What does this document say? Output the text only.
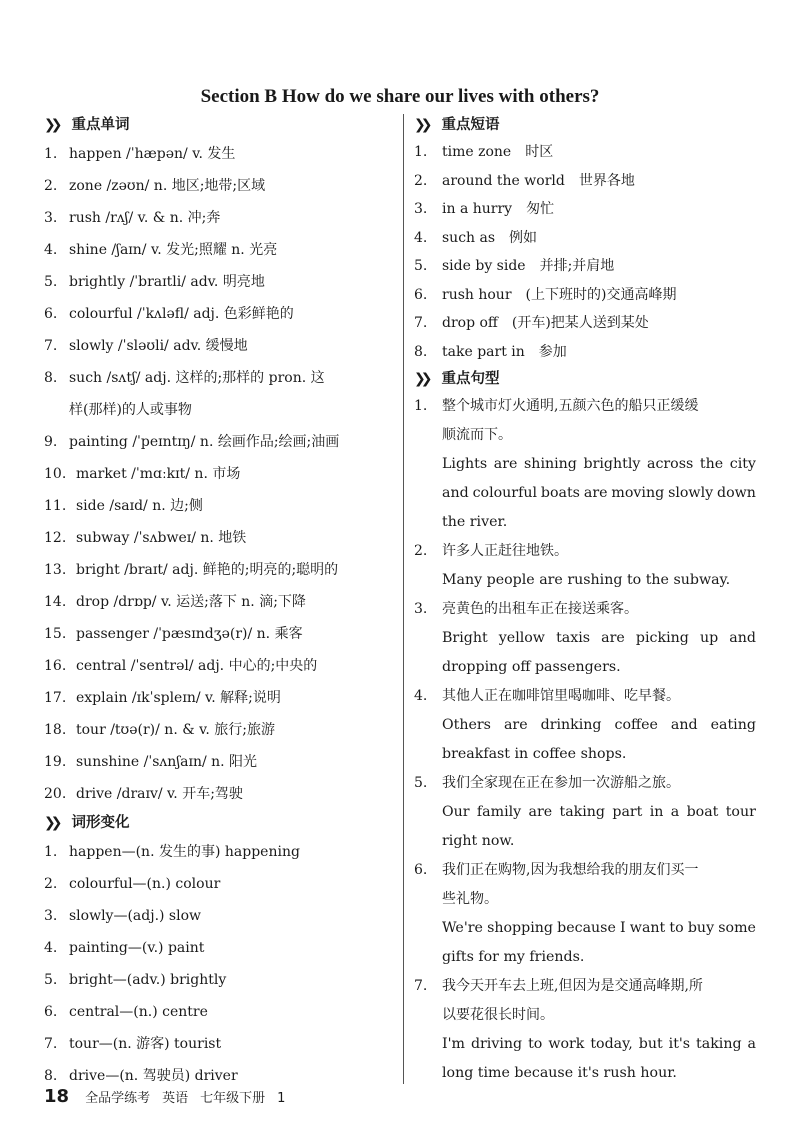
Section B How do we share our lives with others?
❯❯ 重点单词
1. happen /ˈhæpən/ v. 发生
2. zone /zəʊn/ n. 地区;地带;区域
3. rush /rʌʃ/ v. & n. 冲;奔
4. shine /ʃaɪn/ v. 发光;照耀 n. 光亮
5. brightly /ˈbraɪtli/ adv. 明亮地
6. colourful /ˈkʌləfl/ adj. 色彩鲜艳的
7. slowly /ˈsləʊli/ adv. 缓慢地
8. such /sʌtʃ/ adj. 这样的;那样的 pron. 这
样(那样)的人或事物
9. painting /ˈpeɪntɪŋ/ n. 绘画作品;绘画;油画
10. market /ˈmɑːkɪt/ n. 市场
11. side /saɪd/ n. 边;侧
12. subway /ˈsʌbweɪ/ n. 地铁
13. bright /braɪt/ adj. 鲜艳的;明亮的;聪明的
14. drop /drɒp/ v. 运送;落下 n. 滴;下降
15. passenger /ˈpæsɪndʒə(r)/ n. 乘客
16. central /ˈsentrəl/ adj. 中心的;中央的
17. explain /ɪkˈspleɪn/ v. 解释;说明
18. tour /tʊə(r)/ n. & v. 旅行;旅游
19. sunshine /ˈsʌnʃaɪn/ n. 阳光
20. drive /draɪv/ v. 开车;驾驶
❯❯ 词形变化
1. happen—(n. 发生的事) happening
2. colourful—(n.) colour
3. slowly—(adj.) slow
4. painting—(v.) paint
5. bright—(adv.) brightly
6. central—(n.) centre
7. tour—(n. 游客) tourist
8. drive—(n. 驾驶员) driver
❯❯ 重点短语
1.	time zone 时区
2.	around the world 世界各地
3.	in a hurry 匆忙
4.	such as 例如
5.	side by side 并排;并肩地
6.	rush hour (上下班时的)交通高峰期
7.	drop off (开车)把某人送到某处
8.	take part in 参加
❯❯ 重点句型
1.	整个城市灯火通明,五颜六色的船只正缓缓
顺流而下。
Lights are shining brightly across the city
and colourful boats are moving slowly down
the river.
2.	许多人正赶往地铁。
Many people are rushing to the subway.
3.	亮黄色的出租车正在接送乘客。
Bright yellow taxis are picking up and
dropping off passengers.
4.	其他人正在咖啡馆里喝咖啡、吃早餐。
Others are drinking coffee and eating
breakfast in coffee shops.
5.	我们全家现在正在参加一次游船之旅。
Our family are taking part in a boat tour
right now.
6.	我们正在购物,因为我想给我的朋友们买一
些礼物。
We're shopping because I want to buy some
gifts for my friends.
7.	我今天开车去上班,但因为是交通高峰期,所
以要花很长时间。
I'm driving to work today, but it's taking a
long time because it's rush hour.
18 全品学练考 英语 七年级下册 1
